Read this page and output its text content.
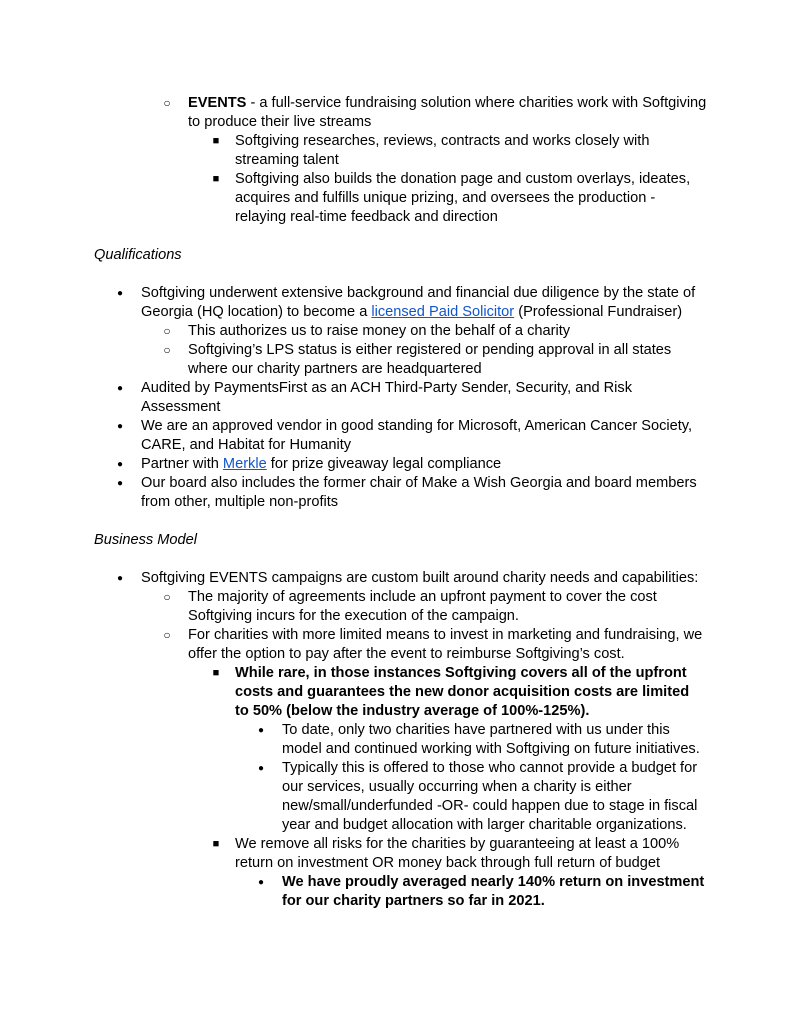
○ EVENTS - a full-service fundraising solution where charities work with Softgiving to produce their live streams
■ Softgiving researches, reviews, contracts and works closely with streaming talent
■ Softgiving also builds the donation page and custom overlays, ideates, acquires and fulfills unique prizing, and oversees the production - relaying real-time feedback and direction
Qualifications
● Softgiving underwent extensive background and financial due diligence by the state of Georgia (HQ location) to become a licensed Paid Solicitor (Professional Fundraiser)
○ This authorizes us to raise money on the behalf of a charity
○ Softgiving’s LPS status is either registered or pending approval in all states where our charity partners are headquartered
● Audited by PaymentsFirst as an ACH Third-Party Sender, Security, and Risk Assessment
● We are an approved vendor in good standing for Microsoft, American Cancer Society, CARE, and Habitat for Humanity
● Partner with Merkle for prize giveaway legal compliance
● Our board also includes the former chair of Make a Wish Georgia and board members from other, multiple non-profits
Business Model
● Softgiving EVENTS campaigns are custom built around charity needs and capabilities:
○ The majority of agreements include an upfront payment to cover the cost Softgiving incurs for the execution of the campaign.
○ For charities with more limited means to invest in marketing and fundraising, we offer the option to pay after the event to reimburse Softgiving’s cost.
■ While rare, in those instances Softgiving covers all of the upfront costs and guarantees the new donor acquisition costs are limited to 50% (below the industry average of 100%-125%).
● To date, only two charities have partnered with us under this model and continued working with Softgiving on future initiatives.
● Typically this is offered to those who cannot provide a budget for our services, usually occurring when a charity is either new/small/underfunded -OR- could happen due to stage in fiscal year and budget allocation with larger charitable organizations.
■ We remove all risks for the charities by guaranteeing at least a 100% return on investment OR money back through full return of budget
● We have proudly averaged nearly 140% return on investment for our charity partners so far in 2021.
